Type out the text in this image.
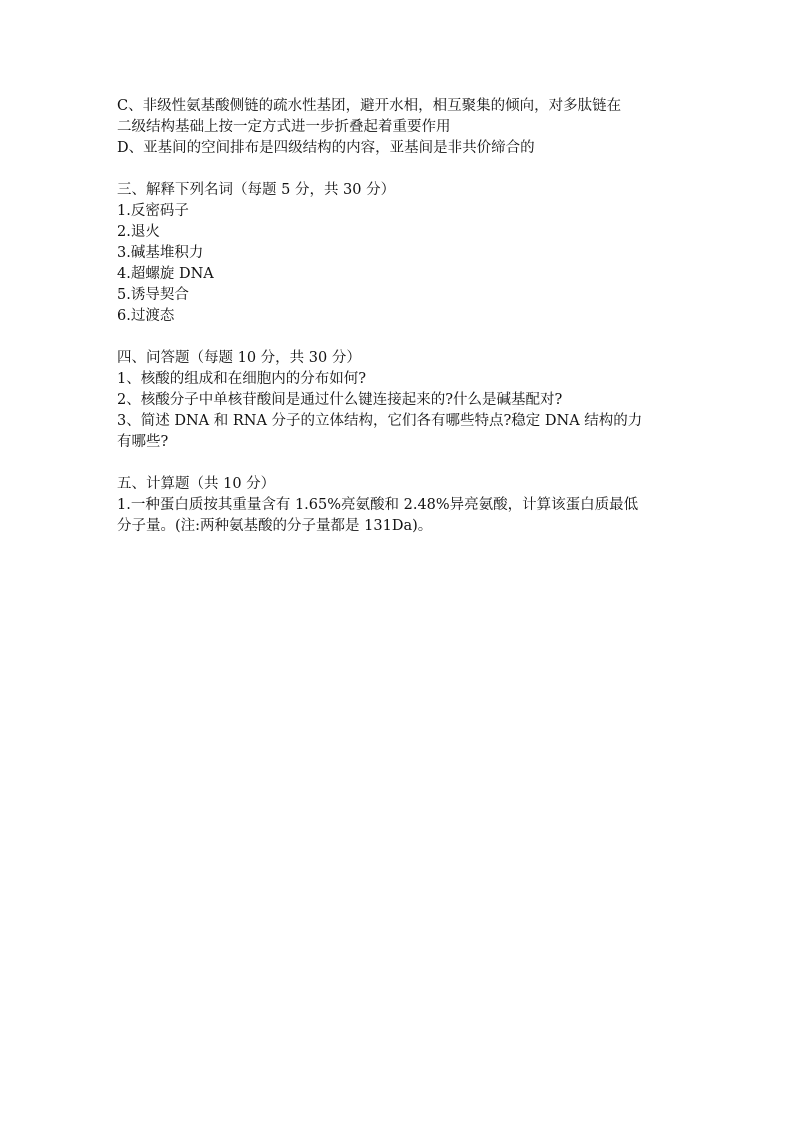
C、非级性氨基酸侧链的疏水性基团，避开水相，相互聚集的倾向，对多肽链在
二级结构基础上按一定方式进一步折叠起着重要作用
D、亚基间的空间排布是四级结构的内容，亚基间是非共价缔合的
三、解释下列名词（每题 5 分，共 30 分）
1.反密码子
2.退火
3.碱基堆积力
4.超螺旋 DNA
5.诱导契合
6.过渡态
四、问答题（每题 10 分，共 30 分）
1、核酸的组成和在细胞内的分布如何?
2、核酸分子中单核苷酸间是通过什么键连接起来的?什么是碱基配对?
3、简述 DNA 和 RNA 分子的立体结构，它们各有哪些特点?稳定 DNA 结构的力
有哪些?
五、计算题（共 10 分）
1.一种蛋白质按其重量含有 1.65%亮氨酸和 2.48%异亮氨酸，计算该蛋白质最低
分子量。(注:两种氨基酸的分子量都是 131Da)。
